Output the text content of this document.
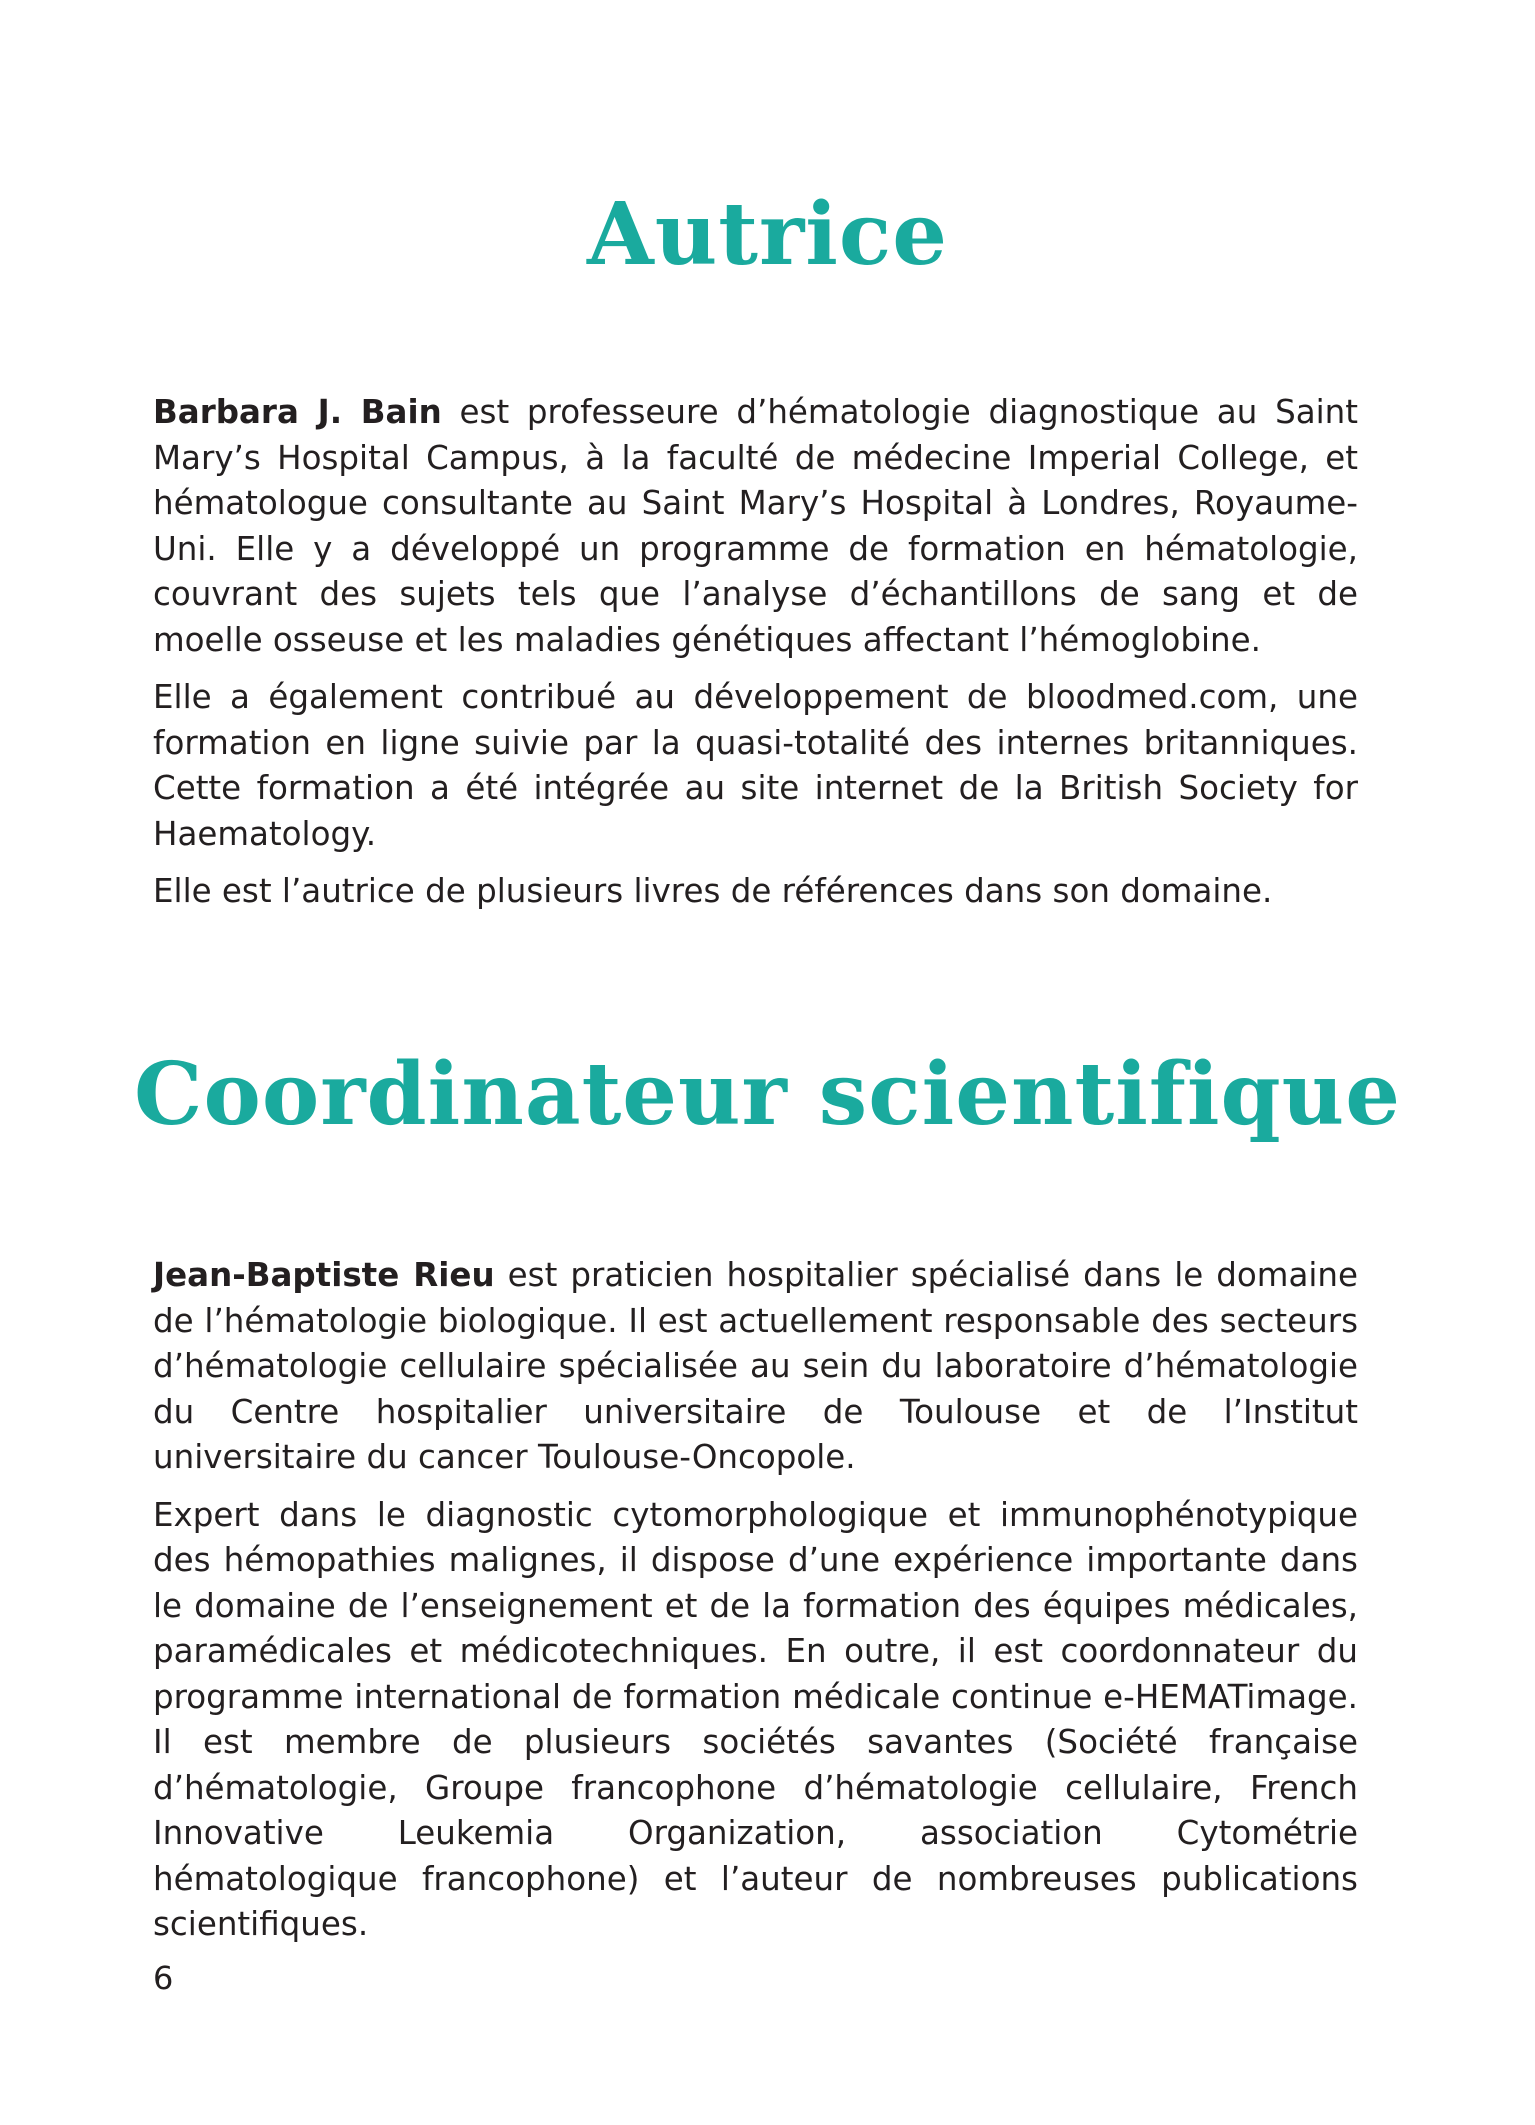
Autrice

Barbara J. Bain est professeure d’hématologie diagnostique au Saint Mary’s Hospital Campus, à la faculté de médecine Imperial College, et hématologue consultante au Saint Mary’s Hospital à Londres, Royaume-Uni. Elle y a développé un programme de formation en hématologie, couvrant des sujets tels que l’analyse d’échantillons de sang et de moelle osseuse et les maladies génétiques affectant l’hémoglobine.

Elle a également contribué au développement de bloodmed.com, une formation en ligne suivie par la quasi-totalité des internes britanniques. Cette formation a été intégrée au site internet de la British Society for Haematology.

Elle est l’autrice de plusieurs livres de références dans son domaine.

Coordinateur scientifique

Jean-Baptiste Rieu est praticien hospitalier spécialisé dans le domaine de l’hématologie biologique. Il est actuellement responsable des secteurs d’hématologie cellulaire spécialisée au sein du laboratoire d’hématologie du Centre hospitalier universitaire de Toulouse et de l’Institut universitaire du cancer Toulouse-Oncopole.

Expert dans le diagnostic cytomorphologique et immunophénotypique des hémopathies malignes, il dispose d’une expérience importante dans le domaine de l’enseignement et de la formation des équipes médicales, paramédicales et médicotechniques. En outre, il est coordonnateur du programme international de formation médicale continue e-HEMATimage. Il est membre de plusieurs sociétés savantes (Société française d’hématologie, Groupe francophone d’hématologie cellulaire, French Innovative Leukemia Organization, association Cytométrie hématologique francophone) et l’auteur de nombreuses publications scientifiques.

6
